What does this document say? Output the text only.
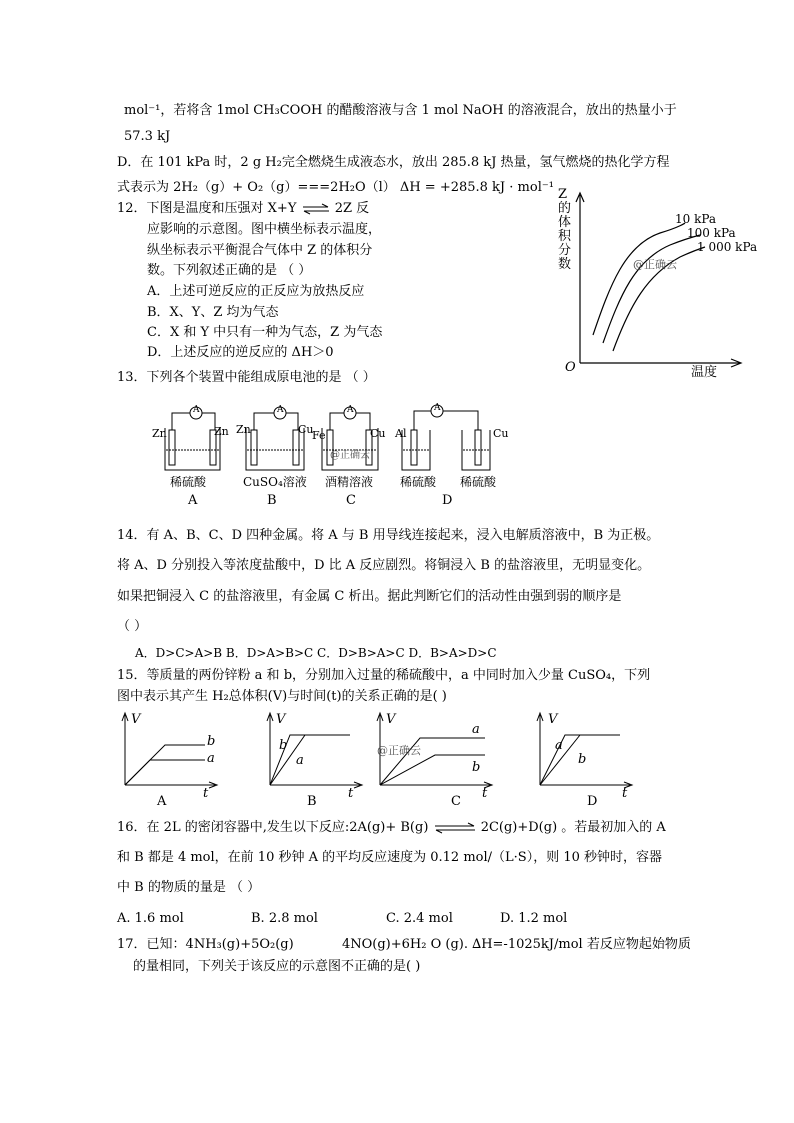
mol⁻¹，若将含 1mol CH₃COOH 的醋酸溶液与含 1 mol NaOH 的溶液混合，放出的热量小于
57.3 kJ
D．在 101 kPa 时，2 g H₂完全燃烧生成液态水，放出 285.8 kJ 热量，氢气燃烧的热化学方程
式表示为 2H₂（g）+ O₂（g）===2H₂O（l） ΔH = +285.8 kJ · mol⁻¹
12．下图是温度和压强对 X+Y ⇌ 2Z 反
应影响的示意图。图中横坐标表示温度，
纵坐标表示平衡混合气体中 Z 的体积分
数。下列叙述正确的是 （ ）
A．上述可逆反应的正反应为放热反应
B．X、Y、Z 均为气态
C．X 和 Y 中只有一种为气态，Z 为气态
D．上述反应的逆反应的 ΔH＞0
Z
的
体
积
分
数
O	温度
10 kPa
100 kPa
1 000 kPa
@正确云
13．下列各个装置中能组成原电池的是 （ ）
A	A	A	A
Zn	Zn Zn	Cu
Fe	Cu Al	Cu
@正确云
稀硫酸	CuSO₄溶液 酒精溶液 稀硫酸 稀硫酸
A	B	C	D
14．有 A、B、C、D 四种金属。将 A 与 B 用导线连接起来，浸入电解质溶液中，B 为正极。
将 A、D 分别投入等浓度盐酸中，D 比 A 反应剧烈。将铜浸入 B 的盐溶液里，无明显变化。
如果把铜浸入 C 的盐溶液里，有金属 C 析出。据此判断它们的活动性由强到弱的顺序是
（ ）
A．D>C>A>B B．D>A>B>C C．D>B>A>C D．B>A>D>C
15．等质量的两份锌粉 a 和 b，分别加入过量的稀硫酸中，a 中同时加入少量 CuSO₄，下列
图中表示其产生 H₂总体积(V)与时间(t)的关系正确的是( )
V
t
b
a
A
V
t
b
a
B
V
t
a
b
@正确云
C
V
t
a
b
D
16．在 2L 的密闭容器中,发生以下反应:2A(g)+ B(g) ⇌ 2C(g)+D(g) 。若最初加入的 A
和 B 都是 4 mol，在前 10 秒钟 A 的平均反应速度为 0.12 mol/（L·S），则 10 秒钟时，容器
中 B 的物质的量是 （ ）
A. 1.6 mol	B. 2.8 mol	C. 2.4 mol	D. 1.2 mol
17．已知：4NH₃(g)+5O₂(g)	4NO(g)+6H₂ O (g). ∆H=-1025kJ/mol 若反应物起始物质
的量相同，下列关于该反应的示意图不正确的是( )
